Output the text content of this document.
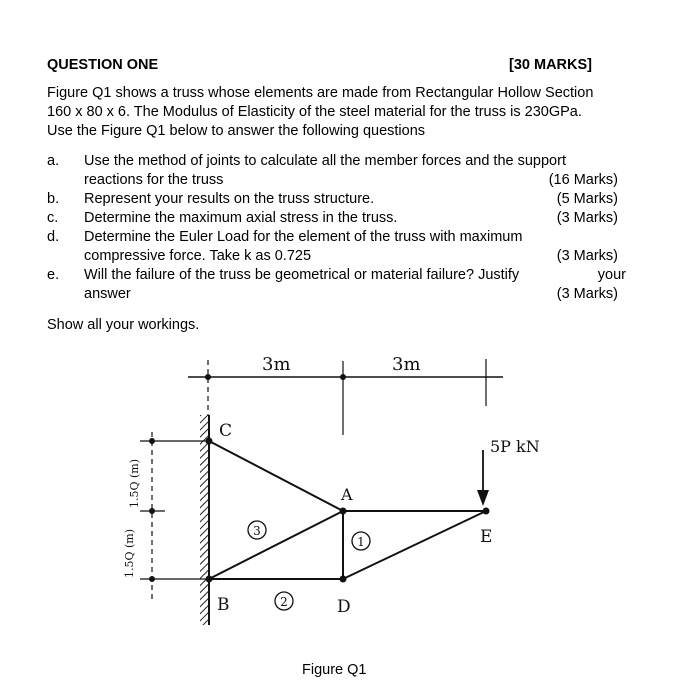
QUESTION ONE	[30 MARKS]
Figure Q1 shows a truss whose elements are made from Rectangular Hollow Section
160 x 80 x 6. The Modulus of Elasticity of the steel material for the truss is 230GPa.
Use the Figure Q1 below to answer the following questions
a. Use the method of joints to calculate all the member forces and the support
reactions for the truss	(16 Marks)
b. Represent your results on the truss structure.	(5 Marks)
c. Determine the maximum axial stress in the truss.	(3 Marks)
d. Determine the Euler Load for the element of the truss with maximum
compressive force. Take k as 0.725	(3 Marks)
e. Will the failure of the truss be geometrical or material failure? Justify	your
answer	(3 Marks)
Show all your workings.
3m	3m
1.5Q (m)
1.5Q (m)
C
A
B	D
E
3
1
2
5P kN
Figure Q1
